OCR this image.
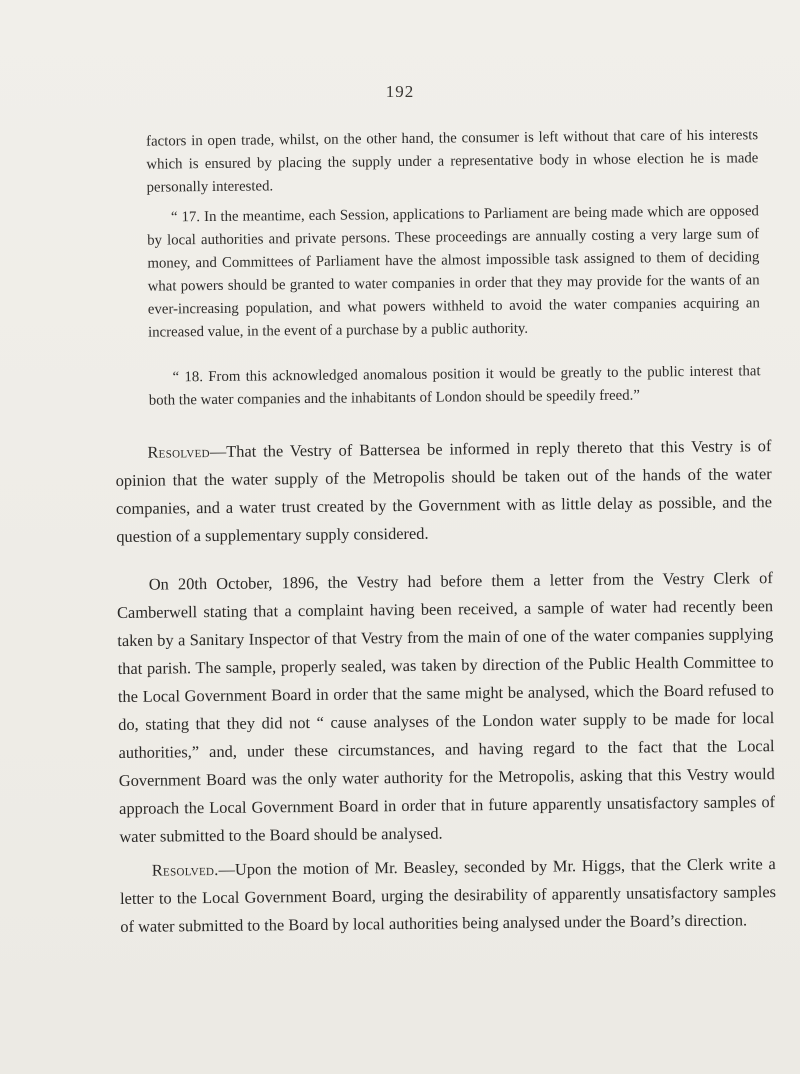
192

factors in open trade, whilst, on the other hand, the consumer is left without that care of his interests which is ensured by placing the supply under a representative body in whose election he is made personally interested.

“ 17. In the meantime, each Session, applications to Parliament are being made which are opposed by local authorities and private persons. These proceedings are annually costing a very large sum of money, and Committees of Parliament have the almost impossible task assigned to them of deciding what powers should be granted to water companies in order that they may provide for the wants of an ever-increasing population, and what powers withheld to avoid the water companies acquiring an increased value, in the event of a purchase by a public authority.

“ 18. From this acknowledged anomalous position it would be greatly to the public interest that both the water companies and the inhabitants of London should be speedily freed.”

Resolved—That the Vestry of Battersea be informed in reply thereto that this Vestry is of opinion that the water supply of the Metropolis should be taken out of the hands of the water companies, and a water trust created by the Government with as little delay as possible, and the question of a supplementary supply considered.

On 20th October, 1896, the Vestry had before them a letter from the Vestry Clerk of Camberwell stating that a complaint having been received, a sample of water had recently been taken by a Sanitary Inspector of that Vestry from the main of one of the water companies supplying that parish. The sample, properly sealed, was taken by direction of the Public Health Committee to the Local Government Board in order that the same might be analysed, which the Board refused to do, stating that they did not “ cause analyses of the London water supply to be made for local authorities,” and, under these circumstances, and having regard to the fact that the Local Government Board was the only water authority for the Metropolis, asking that this Vestry would approach the Local Government Board in order that in future apparently unsatisfactory samples of water submitted to the Board should be analysed.

Resolved.—Upon the motion of Mr. Beasley, seconded by Mr. Higgs, that the Clerk write a letter to the Local Government Board, urging the desirability of apparently unsatisfactory samples of water submitted to the Board by local authorities being analysed under the Board’s direction.
